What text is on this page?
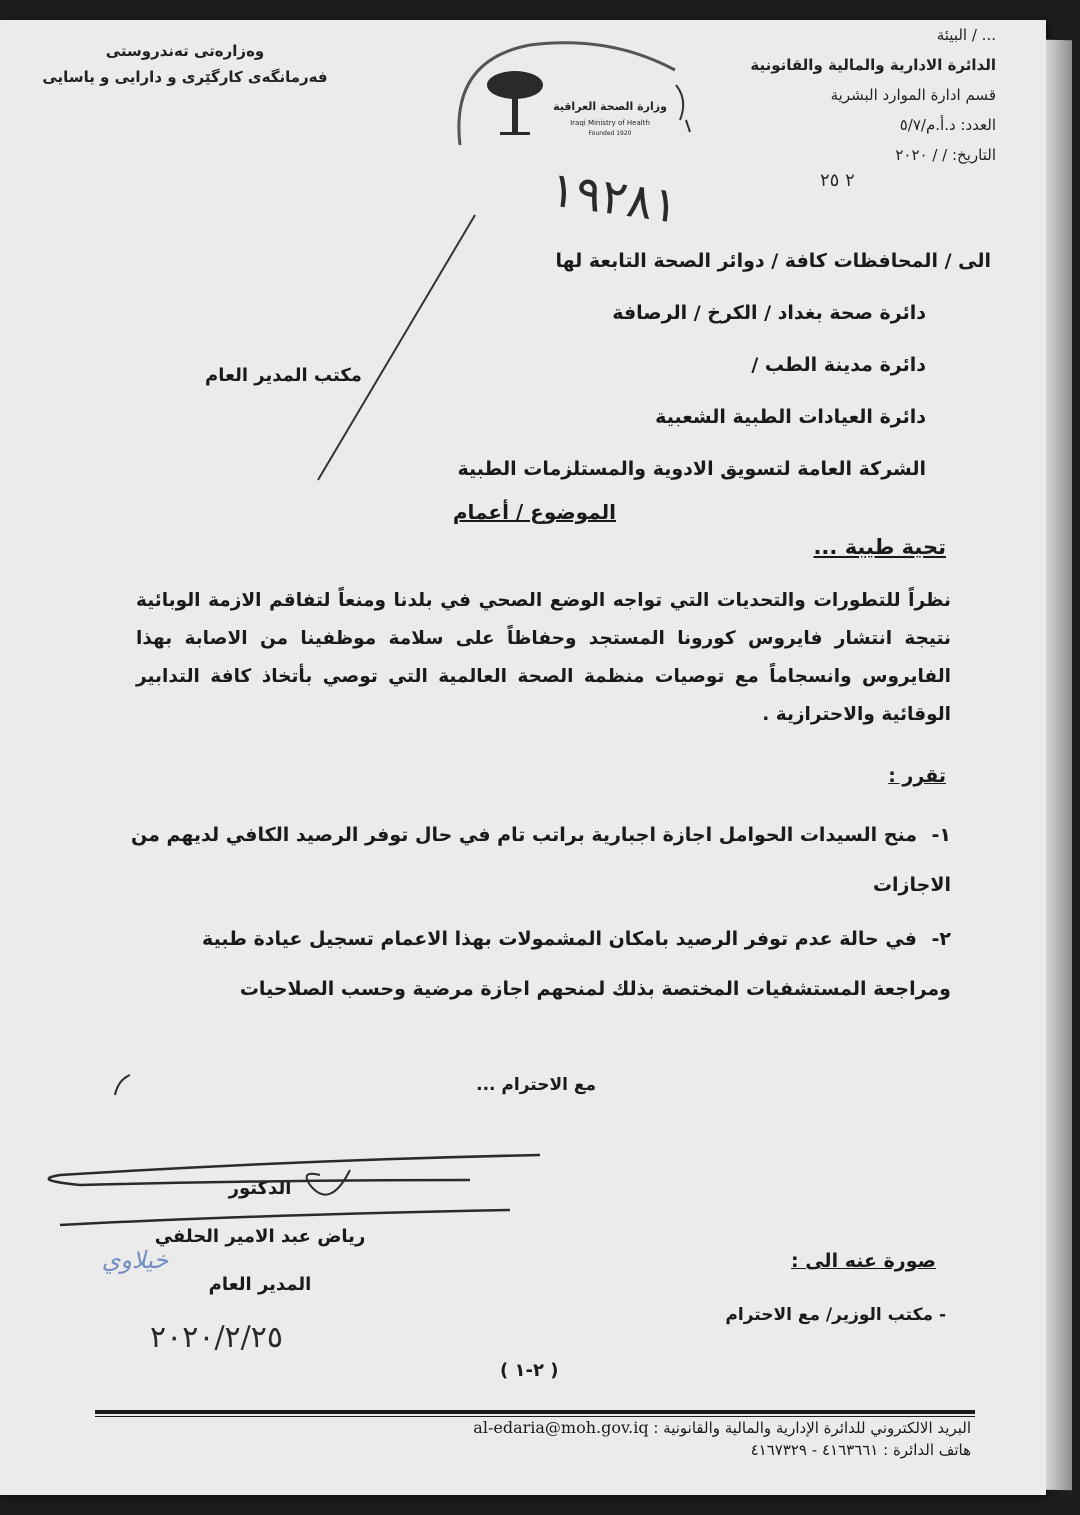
وەزارەتی تەندروستی
فەرمانگەی کارگێری و دارایی و یاسایی
وزارة الصحة العراقية
Iraqi Ministry of Health
Founded 1920
... / البيئة
الدائرة الادارية والمالية والقانونية
قسم ادارة الموارد البشرية
العدد: د.أ.م/٥/٧
التاريخ: / / ٢٠٢٠
١٩٢٨١	٢ ٢٥
الى / المحافظات كافة / دوائر الصحة التابعة لها
دائرة صحة بغداد / الكرخ / الرصافة
دائرة مدينة الطب /
دائرة العيادات الطبية الشعبية
الشركة العامة لتسويق الادوية والمستلزمات الطبية
مكتب المدير العام
الموضوع / أعمام
تحية طيبة ...
نظراً للتطورات والتحديات التي تواجه الوضع الصحي في بلدنا ومنعاً لتفاقم الازمة الوبائية نتيجة انتشار فايروس كورونا المستجد وحفاظاً على سلامة موظفينا من الاصابة بهذا الفايروس وانسجاماً مع توصيات منظمة الصحة العالمية التي توصي بأتخاذ كافة التدابير الوقائية والاحترازية .
تقرر :
١-منح السيدات الحوامل اجازة اجبارية براتب تام في حال توفر الرصيد الكافي لديهم من الاجازات
٢-في حالة عدم توفر الرصيد بامكان المشمولات بهذا الاعمام تسجيل عيادة طبية ومراجعة المستشفيات المختصة بذلك لمنحهم اجازة مرضية وحسب الصلاحيات
مع الاحترام ...
الدكتور
رياض عبد الامير الحلفي
المدير العام
خيلاوي
٢٠٢٠/٢/٢٥
صورة عنه الى :
- مكتب الوزير/ مع الاحترام
( ٢-١ )
البريد الالكتروني للدائرة الإدارية والمالية والقانونية : al-edaria@moh.gov.iq
هاتف الدائرة : ٤١٦٣٦٦١ - ٤١٦٧٣٢٩
